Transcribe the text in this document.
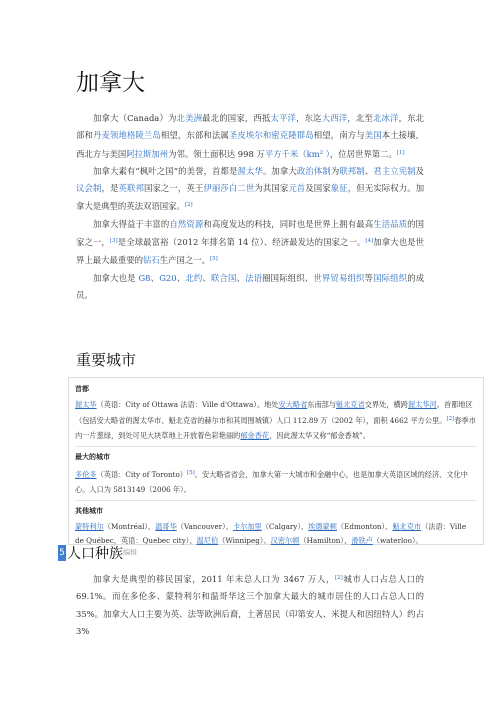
加拿大

加拿大（Canada）为北美洲最北的国家，西抵太平洋，东迄大西洋，北至北冰洋，东北部和丹麦领地格陵兰岛相望，东部和法属圣皮埃尔和密克隆群岛相望，南方与美国本土接壤，西北方与美国阿拉斯加州为邻。领土面积达 998 万平方千米（km² ），位居世界第二。[1]

加拿大素有“枫叶之国”的美誉，首都是渥太华。加拿大政治体制为联邦制、君主立宪制及议会制，是英联邦国家之一，英王伊丽莎白二世为其国家元首及国家象征，但无实际权力。加拿大是典型的英法双语国家。[2]

加拿大得益于丰富的自然资源和高度发达的科技，同时也是世界上拥有最高生活品质的国家之一，[3]是全球最富裕（2012 年排名第 14 位）、经济最发达的国家之一。[4]加拿大也是世界上最大最重要的钻石生产国之一。[5]

加拿大也是 G8、G20、北约、联合国、法语圈国际组织、世界贸易组织等国际组织的成员。

重要城市
首都
渥太华（英语：City of Ottawa 法语：Ville d'Ottawa）。地处安大略省东南部与魁北克省交界处，横跨渥太华河。首都地区（包括安大略省的渥太华市、魁北克省的赫尔市和其周围城镇）人口 112.89 万（2002 年），面积 4662 平方公里。[2]春季市内一片葱绿，到处可见大块草地上开放着色彩艳丽的郁金香花，因此渥太华又称“郁金香城”。
最大的城市
多伦多（英语：City of Toronto）[5]。安大略省省会，加拿大第一大城市和金融中心，也是加拿大英语区域的经济、文化中心。人口为 5813149（2006 年）。
其他城市
蒙特利尔（Montréal）、温哥华（Vancouver）、卡尔加里（Calgary）、埃德蒙顿（Edmonton）、魁北克市（法语：Ville de Québec，英语：Quebec city）、温尼伯（Winnipeg）、汉密尔顿（Hamilton）、滑铁卢（waterloo）。
5 人口种族编辑

加拿大是典型的移民国家，2011 年末总人口为 3467 万人，[2]城市人口占总人口的 69.1%。而在多伦多、蒙特利尔和温哥华这三个加拿大最大的城市居住的人口占总人口的 35%。加拿大人口主要为英、法等欧洲后裔，土著居民（印第安人、米提人和因纽特人）约占 3%
